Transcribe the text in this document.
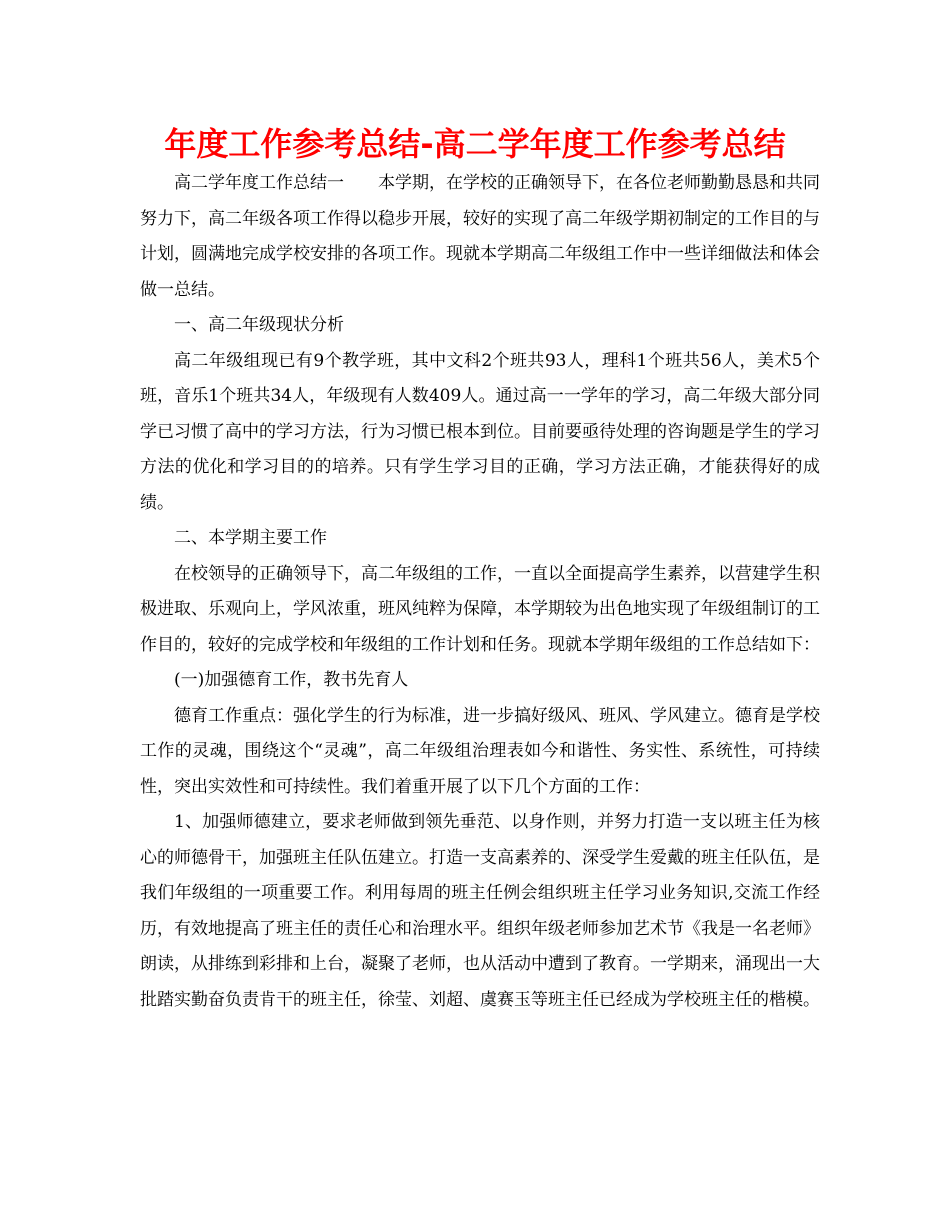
年度工作参考总结-高二学年度工作参考总结

高二学年度工作总结一　　本学期，在学校的正确领导下，在各位老师勤勤恳恳和共同努力下，高二年级各项工作得以稳步开展，较好的实现了高二年级学期初制定的工作目的与计划，圆满地完成学校安排的各项工作。现就本学期高二年级组工作中一些详细做法和体会做一总结。

一、高二年级现状分析

高二年级组现已有9个教学班，其中文科2个班共93人，理科1个班共56人，美术5个班，音乐1个班共34人，年级现有人数409人。通过高一一学年的学习，高二年级大部分同学已习惯了高中的学习方法，行为习惯已根本到位。目前要亟待处理的咨询题是学生的学习方法的优化和学习目的的培养。只有学生学习目的正确，学习方法正确，才能获得好的成绩。

二、本学期主要工作

在校领导的正确领导下，高二年级组的工作，一直以全面提高学生素养，以营建学生积极进取、乐观向上，学风浓重，班风纯粹为保障，本学期较为出色地实现了年级组制订的工作目的，较好的完成学校和年级组的工作计划和任务。现就本学期年级组的工作总结如下：

(一)加强德育工作，教书先育人

德育工作重点：强化学生的行为标准，进一步搞好级风、班风、学风建立。德育是学校工作的灵魂，围绕这个“灵魂”，高二年级组治理表如今和谐性、务实性、系统性，可持续性，突出实效性和可持续性。我们着重开展了以下几个方面的工作：

1、加强师德建立，要求老师做到领先垂范、以身作则，并努力打造一支以班主任为核心的师德骨干，加强班主任队伍建立。打造一支高素养的、深受学生爱戴的班主任队伍，是我们年级组的一项重要工作。利用每周的班主任例会组织班主任学习业务知识,交流工作经历，有效地提高了班主任的责任心和治理水平。组织年级老师参加艺术节《我是一名老师》朗读，从排练到彩排和上台，凝聚了老师，也从活动中遭到了教育。一学期来，涌现出一大批踏实勤奋负责肯干的班主任，徐莹、刘超、虞赛玉等班主任已经成为学校班主任的楷模。
